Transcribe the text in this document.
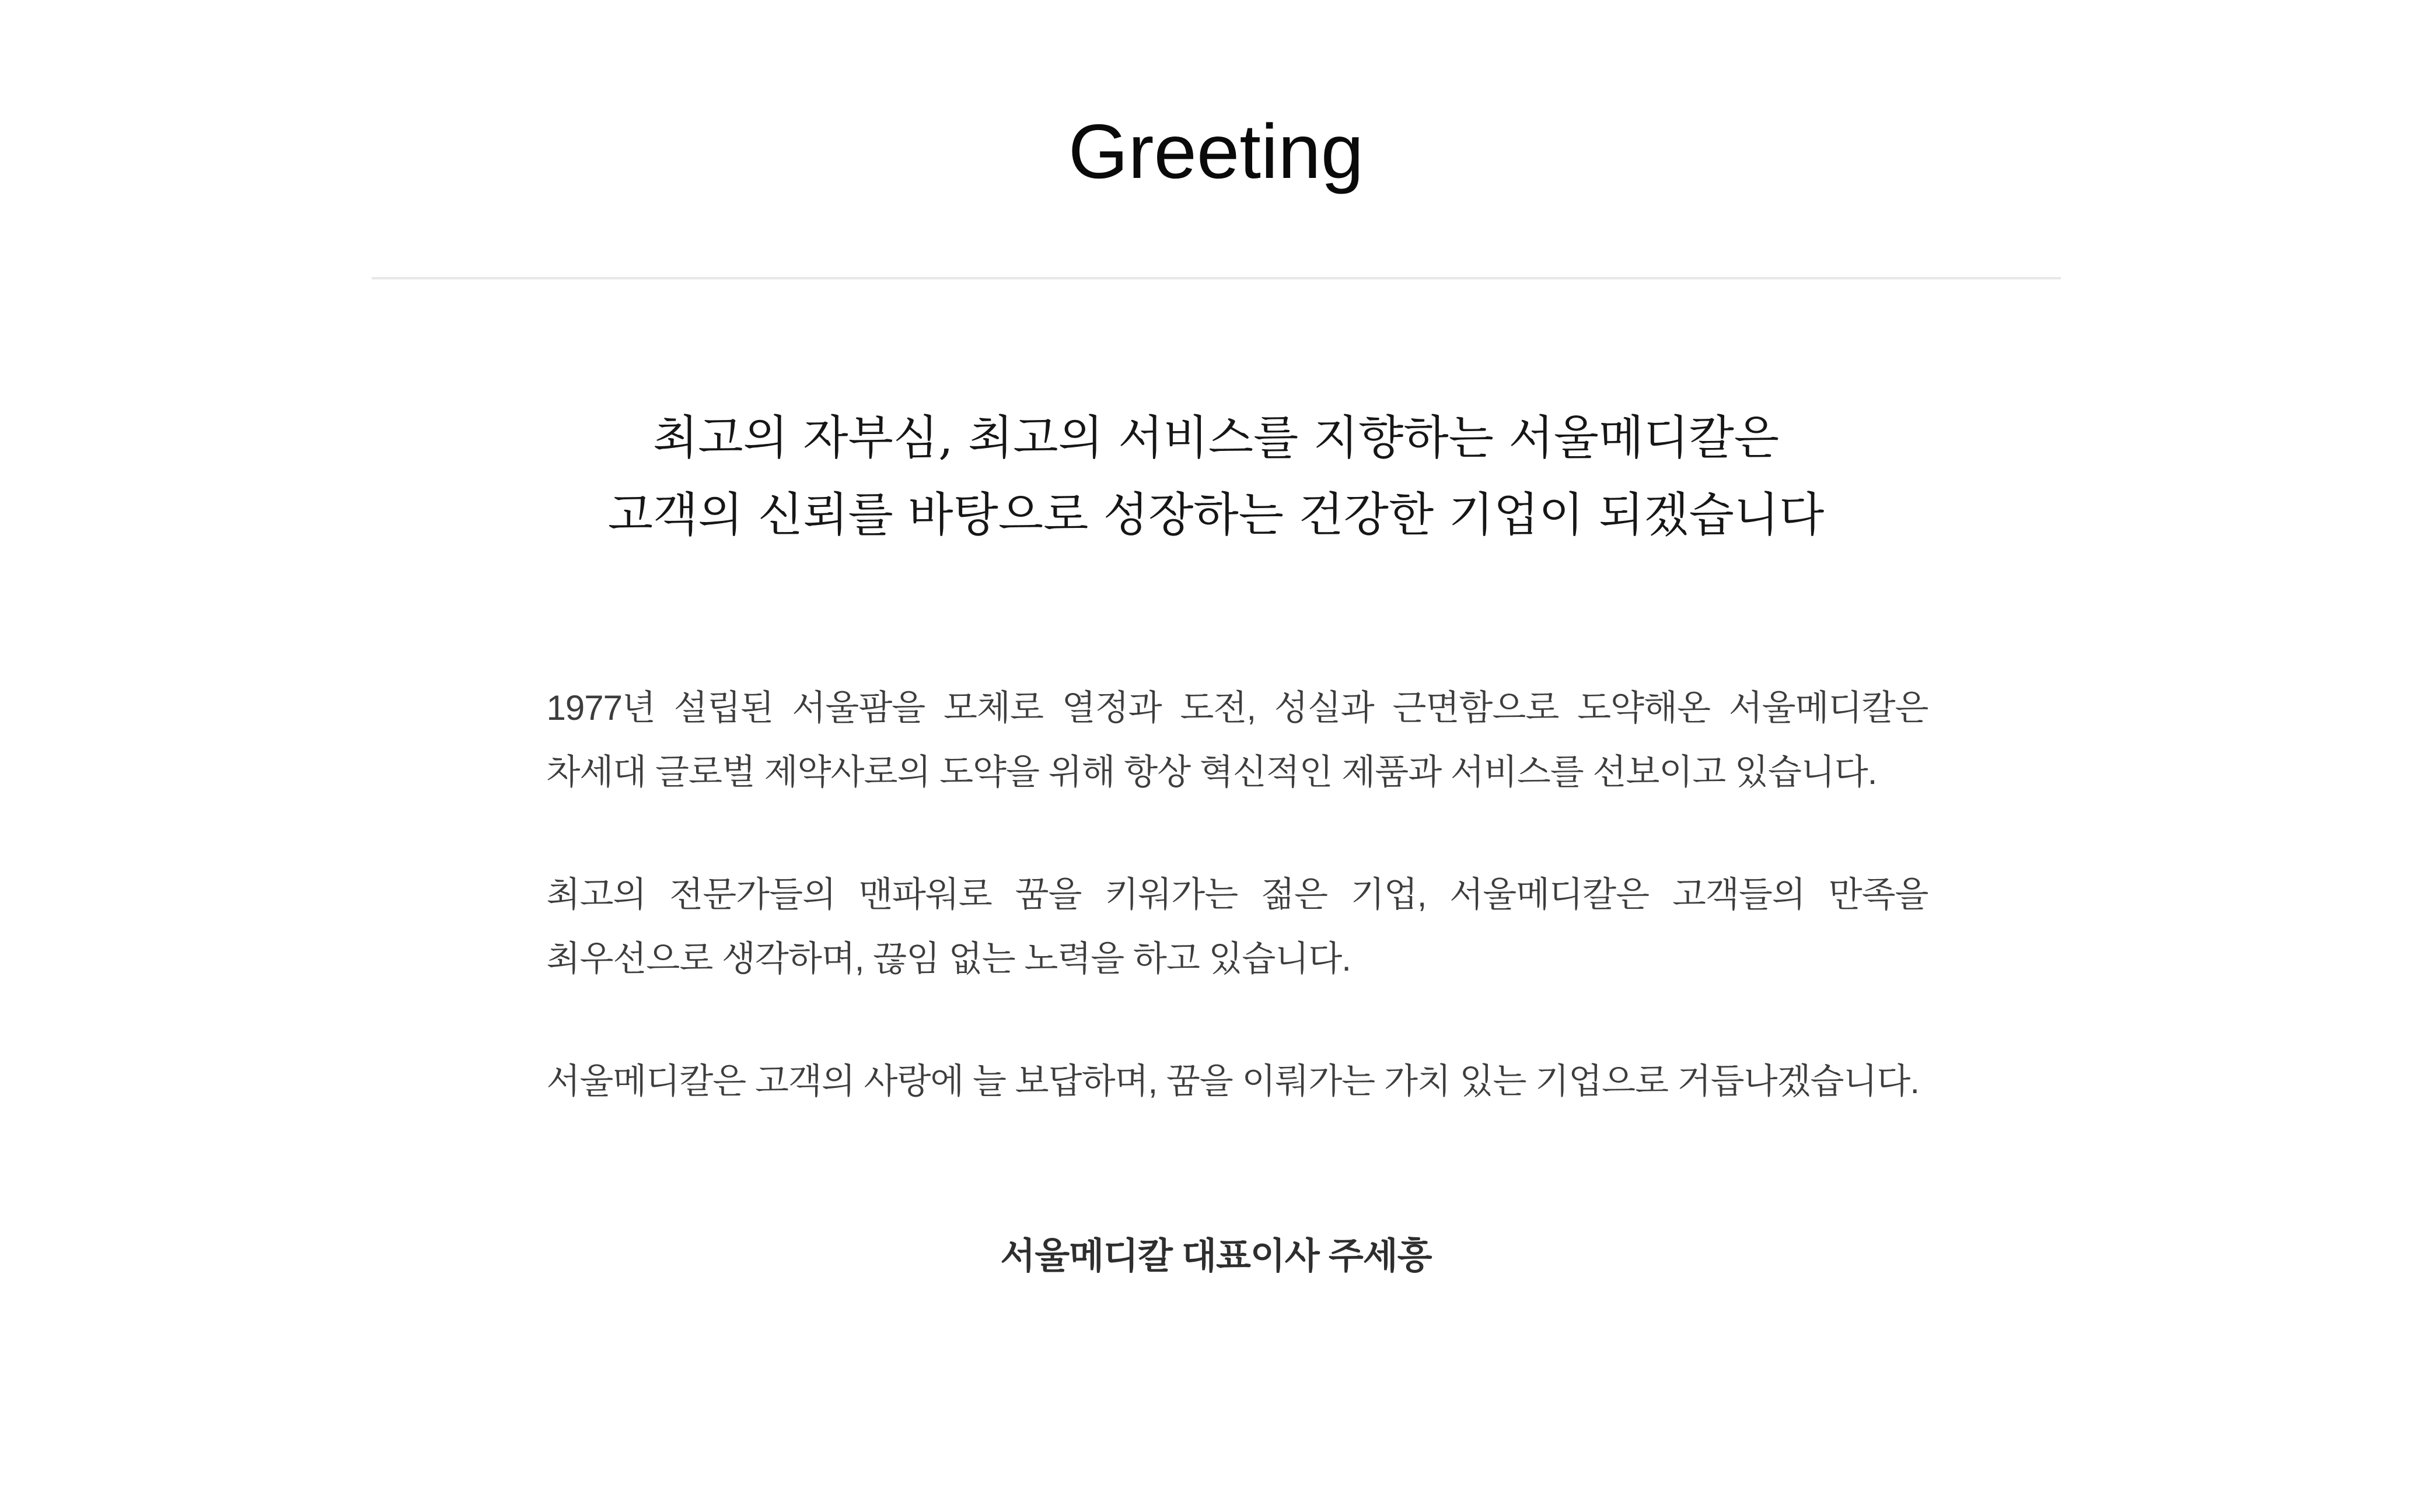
Greeting
최고의 자부심, 최고의 서비스를 지향하는 서울메디칼은
고객의 신뢰를 바탕으로 성장하는 건강한 기업이 되겠습니다

1977년 설립된 서울팜을 모체로 열정과 도전, 성실과 근면함으로 도약해온 서울메디칼은 차세대 글로벌 제약사로의 도약을 위해 항상 혁신적인 제품과 서비스를 선보이고 있습니다.

최고의 전문가들의 맨파워로 꿈을 키워가는 젊은 기업, 서울메디칼은 고객들의 만족을 최우선으로 생각하며, 끊임 없는 노력을 하고 있습니다.

서울메디칼은 고객의 사랑에 늘 보답하며, 꿈을 이뤄가는 가치 있는 기업으로 거듭나겠습니다.

서울메디칼 대표이사 주세흥
